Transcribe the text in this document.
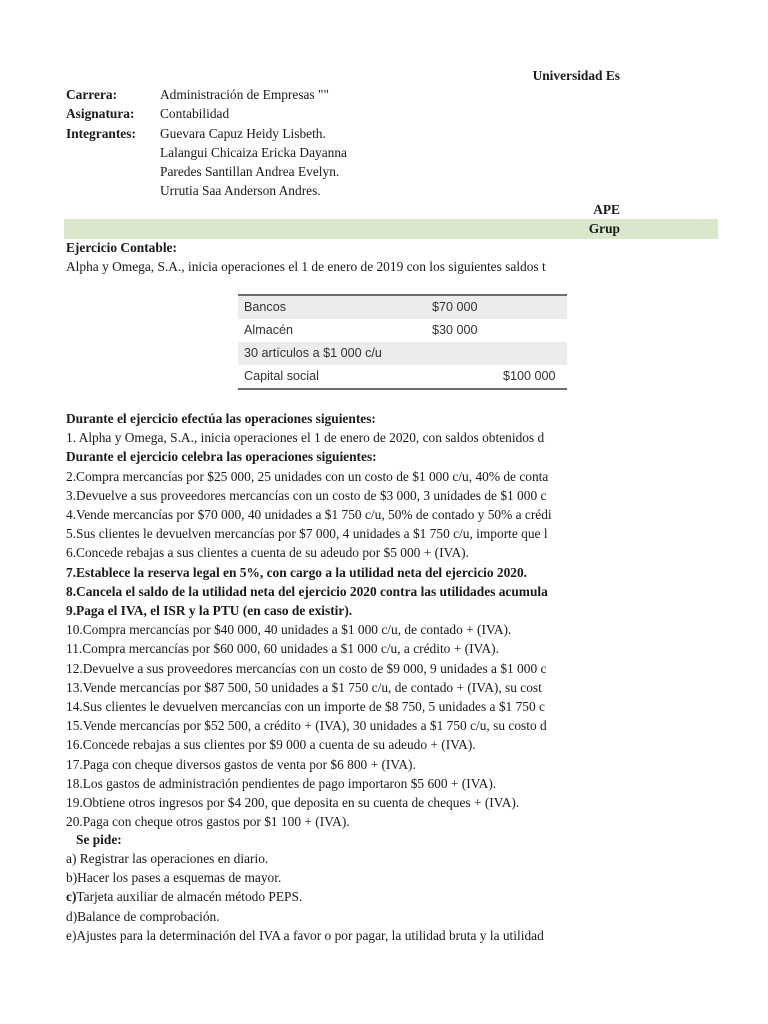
Universidad Es
Carrera:	Administración de Empresas ""
Asignatura: Contabilidad
Integrantes: Guevara Capuz Heidy Lisbeth.
Lalangui Chicaiza Ericka Dayanna
Paredes Santillan Andrea Evelyn.
Urrutia Saa Anderson Andres.
APE
Grup
Ejercicio Contable:
Alpha y Omega, S.A., inicia operaciones el 1 de enero de 2019 con los siguientes saldos t
Bancos	$70 000
Almacén	$30 000
30 artículos a $1 000 c/u
Capital social	$100 000
Durante el ejercicio efectúa las operaciones siguientes:
1. Alpha y Omega, S.A., inicia operaciones el 1 de enero de 2020, con saldos obtenidos d
Durante el ejercicio celebra las operaciones siguientes:
2.Compra mercancías por $25 000, 25 unidades con un costo de $1 000 c/u, 40% de conta
3.Devuelve a sus proveedores mercancías con un costo de $3 000, 3 unidades de $1 000 c
4.Vende mercancías por $70 000, 40 unidades a $1 750 c/u, 50% de contado y 50% a crédi
5.Sus clientes le devuelven mercancías por $7 000, 4 unidades a $1 750 c/u, importe que l
6.Concede rebajas a sus clientes a cuenta de su adeudo por $5 000 + (IVA).
7.Establece la reserva legal en 5%, con cargo a la utilidad neta del ejercicio 2020.
8.Cancela el saldo de la utilidad neta del ejercicio 2020 contra las utilidades acumula
9.Paga el IVA, el ISR y la PTU (en caso de existir).
10.Compra mercancías por $40 000, 40 unidades a $1 000 c/u, de contado + (IVA).
11.Compra mercancías por $60 000, 60 unidades a $1 000 c/u, a crédito + (IVA).
12.Devuelve a sus proveedores mercancías con un costo de $9 000, 9 unidades a $1 000 c
13.Vende mercancías por $87 500, 50 unidades a $1 750 c/u, de contado + (IVA), su cost
14.Sus clientes le devuelven mercancías con un importe de $8 750, 5 unidades a $1 750 c
15.Vende mercancías por $52 500, a crédito + (IVA), 30 unidades a $1 750 c/u, su costo d
16.Concede rebajas a sus clientes por $9 000 a cuenta de su adeudo + (IVA).
17.Paga con cheque diversos gastos de venta por $6 800 + (IVA).
18.Los gastos de administración pendientes de pago importaron $5 600 + (IVA).
19.Obtiene otros ingresos por $4 200, que deposita en su cuenta de cheques + (IVA).
20.Paga con cheque otros gastos por $1 100 + (IVA).
Se pide:
a) Registrar las operaciones en diario.
b)Hacer los pases a esquemas de mayor.
c)Tarjeta auxiliar de almacén método PEPS.
d)Balance de comprobación.
e)Ajustes para la determinación del IVA a favor o por pagar, la utilidad bruta y la utilidad
